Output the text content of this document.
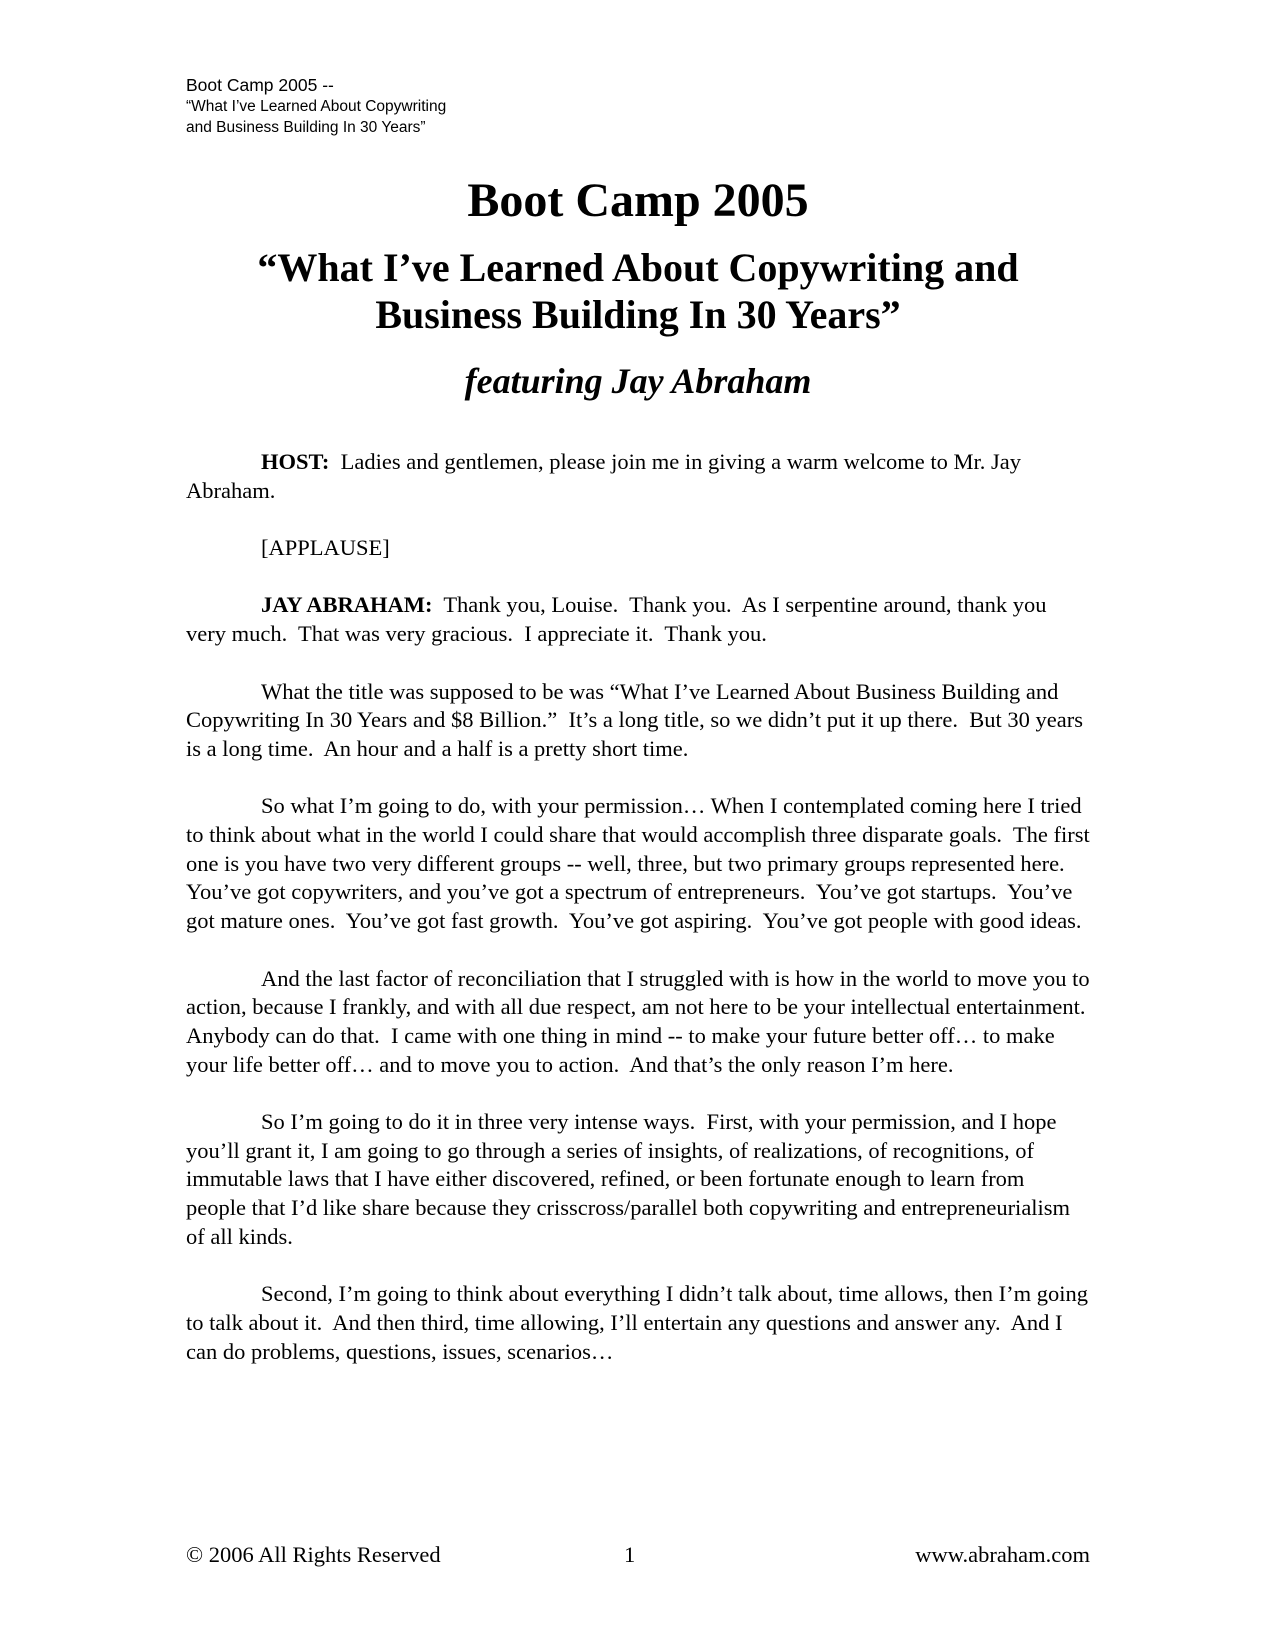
Boot Camp 2005 --
“What I’ve Learned About Copywriting
and Business Building In 30 Years”
Boot Camp 2005
“What I’ve Learned About Copywriting and
Business Building In 30 Years”
featuring Jay Abraham

HOST: Ladies and gentlemen, please join me in giving a warm welcome to Mr. Jay Abraham.

[APPLAUSE]

JAY ABRAHAM: Thank you, Louise.  Thank you.  As I serpentine around, thank you very much.  That was very gracious.  I appreciate it.  Thank you.

What the title was supposed to be was “What I’ve Learned About Business Building and Copywriting In 30 Years and $8 Billion.”  It’s a long title, so we didn’t put it up there.  But 30 years is a long time.  An hour and a half is a pretty short time.

So what I’m going to do, with your permission… When I contemplated coming here I tried to think about what in the world I could share that would accomplish three disparate goals.  The first one is you have two very different groups -- well, three, but two primary groups represented here.  You’ve got copywriters, and you’ve got a spectrum of entrepreneurs.  You’ve got startups.  You’ve got mature ones.  You’ve got fast growth.  You’ve got aspiring.  You’ve got people with good ideas.

And the last factor of reconciliation that I struggled with is how in the world to move you to action, because I frankly, and with all due respect, am not here to be your intellectual entertainment.  Anybody can do that.  I came with one thing in mind -- to make your future better off… to make your life better off… and to move you to action.  And that’s the only reason I’m here.

So I’m going to do it in three very intense ways.  First, with your permission, and I hope you’ll grant it, I am going to go through a series of insights, of realizations, of recognitions, of immutable laws that I have either discovered, refined, or been fortunate enough to learn from people that I’d like share because they crisscross/parallel both copywriting and entrepreneurialism of all kinds.

Second, I’m going to think about everything I didn’t talk about, time allows, then I’m going to talk about it.  And then third, time allowing, I’ll entertain any questions and answer any.  And I can do problems, questions, issues, scenarios…

© 2006 All Rights Reserved	1	www.abraham.com
